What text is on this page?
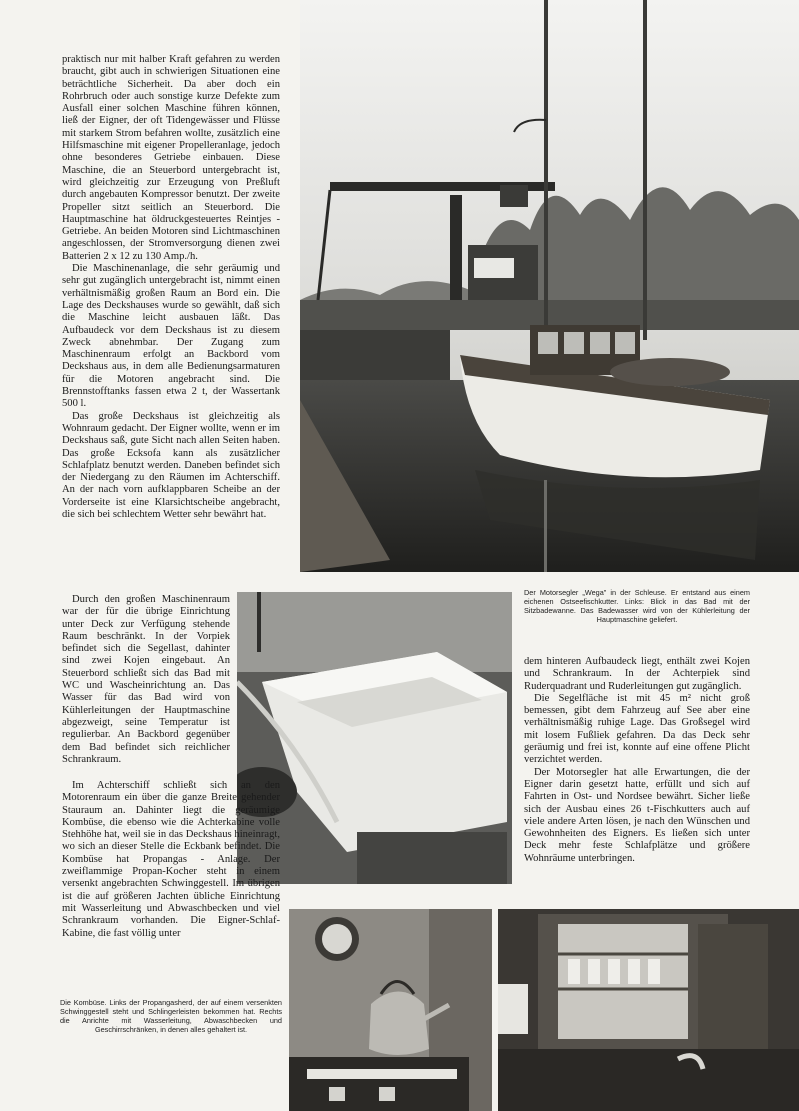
praktisch nur mit halber Kraft gefahren zu werden braucht, gibt auch in schwierigen Situationen eine beträchtliche Sicherheit. Da aber doch ein Rohrbruch oder auch sonstige kurze Defekte zum Ausfall einer solchen Maschine führen können, ließ der Eigner, der oft Tidengewässer und Flüsse mit starkem Strom befahren wollte, zusätzlich eine Hilfsmaschine mit eigener Propelleranlage, jedoch ohne besonderes Getriebe einbauen. Diese Maschine, die an Steuerbord untergebracht ist, wird gleichzeitig zur Erzeugung von Preßluft durch angebauten Kompressor benutzt. Der zweite Propeller sitzt seitlich an Steuerbord. Die Hauptmaschine hat öldruckgesteuertes Reintjes - Getriebe. An beiden Motoren sind Lichtmaschinen angeschlossen, der Stromversorgung dienen zwei Batterien 2 x 12 zu 130 Amp./h.

Die Maschinenanlage, die sehr geräumig und sehr gut zugänglich untergebracht ist, nimmt einen verhältnismäßig großen Raum an Bord ein. Die Lage des Deckshauses wurde so gewählt, daß sich die Maschine leicht ausbauen läßt. Das Aufbaudeck vor dem Deckshaus ist zu diesem Zweck abnehmbar. Der Zugang zum Maschinenraum erfolgt an Backbord vom Deckshaus aus, in dem alle Bedienungsarmaturen für die Motoren angebracht sind. Die Brennstofftanks fassen etwa 2 t, der Wassertank 500 l.

Das große Deckshaus ist gleichzeitig als Wohnraum gedacht. Der Eigner wollte, wenn er im Deckshaus saß, gute Sicht nach allen Seiten haben. Das große Ecksofa kann als zusätzlicher Schlafplatz benutzt werden. Daneben befindet sich der Niedergang zu den Räumen im Achterschiff. An der nach vorn aufklappbaren Scheibe an der Vorderseite ist eine Klarsichtscheibe angebracht, die sich bei schlechtem Wetter sehr bewährt hat.

Durch den großen Maschinenraum war der für die übrige Einrichtung unter Deck zur Verfügung stehende Raum beschränkt. In der Vorpiek befindet sich die Segellast, dahinter sind zwei Kojen eingebaut. An Steuerbord schließt sich das Bad mit WC und Wascheinrichtung an. Das Wasser für das Bad wird von Kühlerleitungen der Hauptmaschine abgezweigt, seine Temperatur ist regulierbar. An Backbord gegenüber dem Bad befindet sich reichlicher Schrankraum.

Im Achterschiff schließt sich an den Motorenraum ein über die ganze Breite gehender Stauraum an. Dahinter liegt die geräumige Kombüse, die ebenso wie die Achterkabine volle Stehhöhe hat, weil sie in das Deckshaus hineinragt, wo sich an dieser Stelle die Eckbank befindet. Die Kombüse hat Propangas - Anlage. Der zweiflammige Propan-Kocher steht in einem versenkt angebrachten Schwinggestell. Im übrigen ist die auf größeren Jachten übliche Einrichtung mit Wasserleitung und Abwaschbecken und viel Schrankraum vorhanden. Die Eigner-Schlaf-Kabine, die fast völlig unter

Der Motorsegler „Wega" in der Schleuse. Er entstand aus einem eichenen Ostseefischkutter. Links: Blick in das Bad mit der Sitzbadewanne. Das Badewasser wird von der Kühlerleitung der Hauptmaschine geliefert.

dem hinteren Aufbaudeck liegt, enthält zwei Kojen und Schrankraum. In der Achterpiek sind Ruderquadrant und Ruderleitungen gut zugänglich.

Die Segelfläche ist mit 45 m² nicht groß bemessen, gibt dem Fahrzeug auf See aber eine verhältnismäßig ruhige Lage. Das Großsegel wird mit losem Fußliek gefahren. Da das Deck sehr geräumig und frei ist, konnte auf eine offene Plicht verzichtet werden.

Der Motorsegler hat alle Erwartungen, die der Eigner darin gesetzt hatte, erfüllt und sich auf Fahrten in Ost- und Nordsee bewährt. Sicher ließe sich der Ausbau eines 26 t-Fischkutters auch auf viele andere Arten lösen, je nach den Wünschen und Gewohnheiten des Eigners. Es ließen sich unter Deck mehr feste Schlafplätze und größere Wohnräume unterbringen.

Die Kombüse. Links der Propangasherd, der auf einem versenkten Schwinggestell steht und Schlingerleisten bekommen hat. Rechts die Anrichte mit Wasserleitung, Abwaschbecken und Geschirrschränken, in denen alles gehaltert ist.
